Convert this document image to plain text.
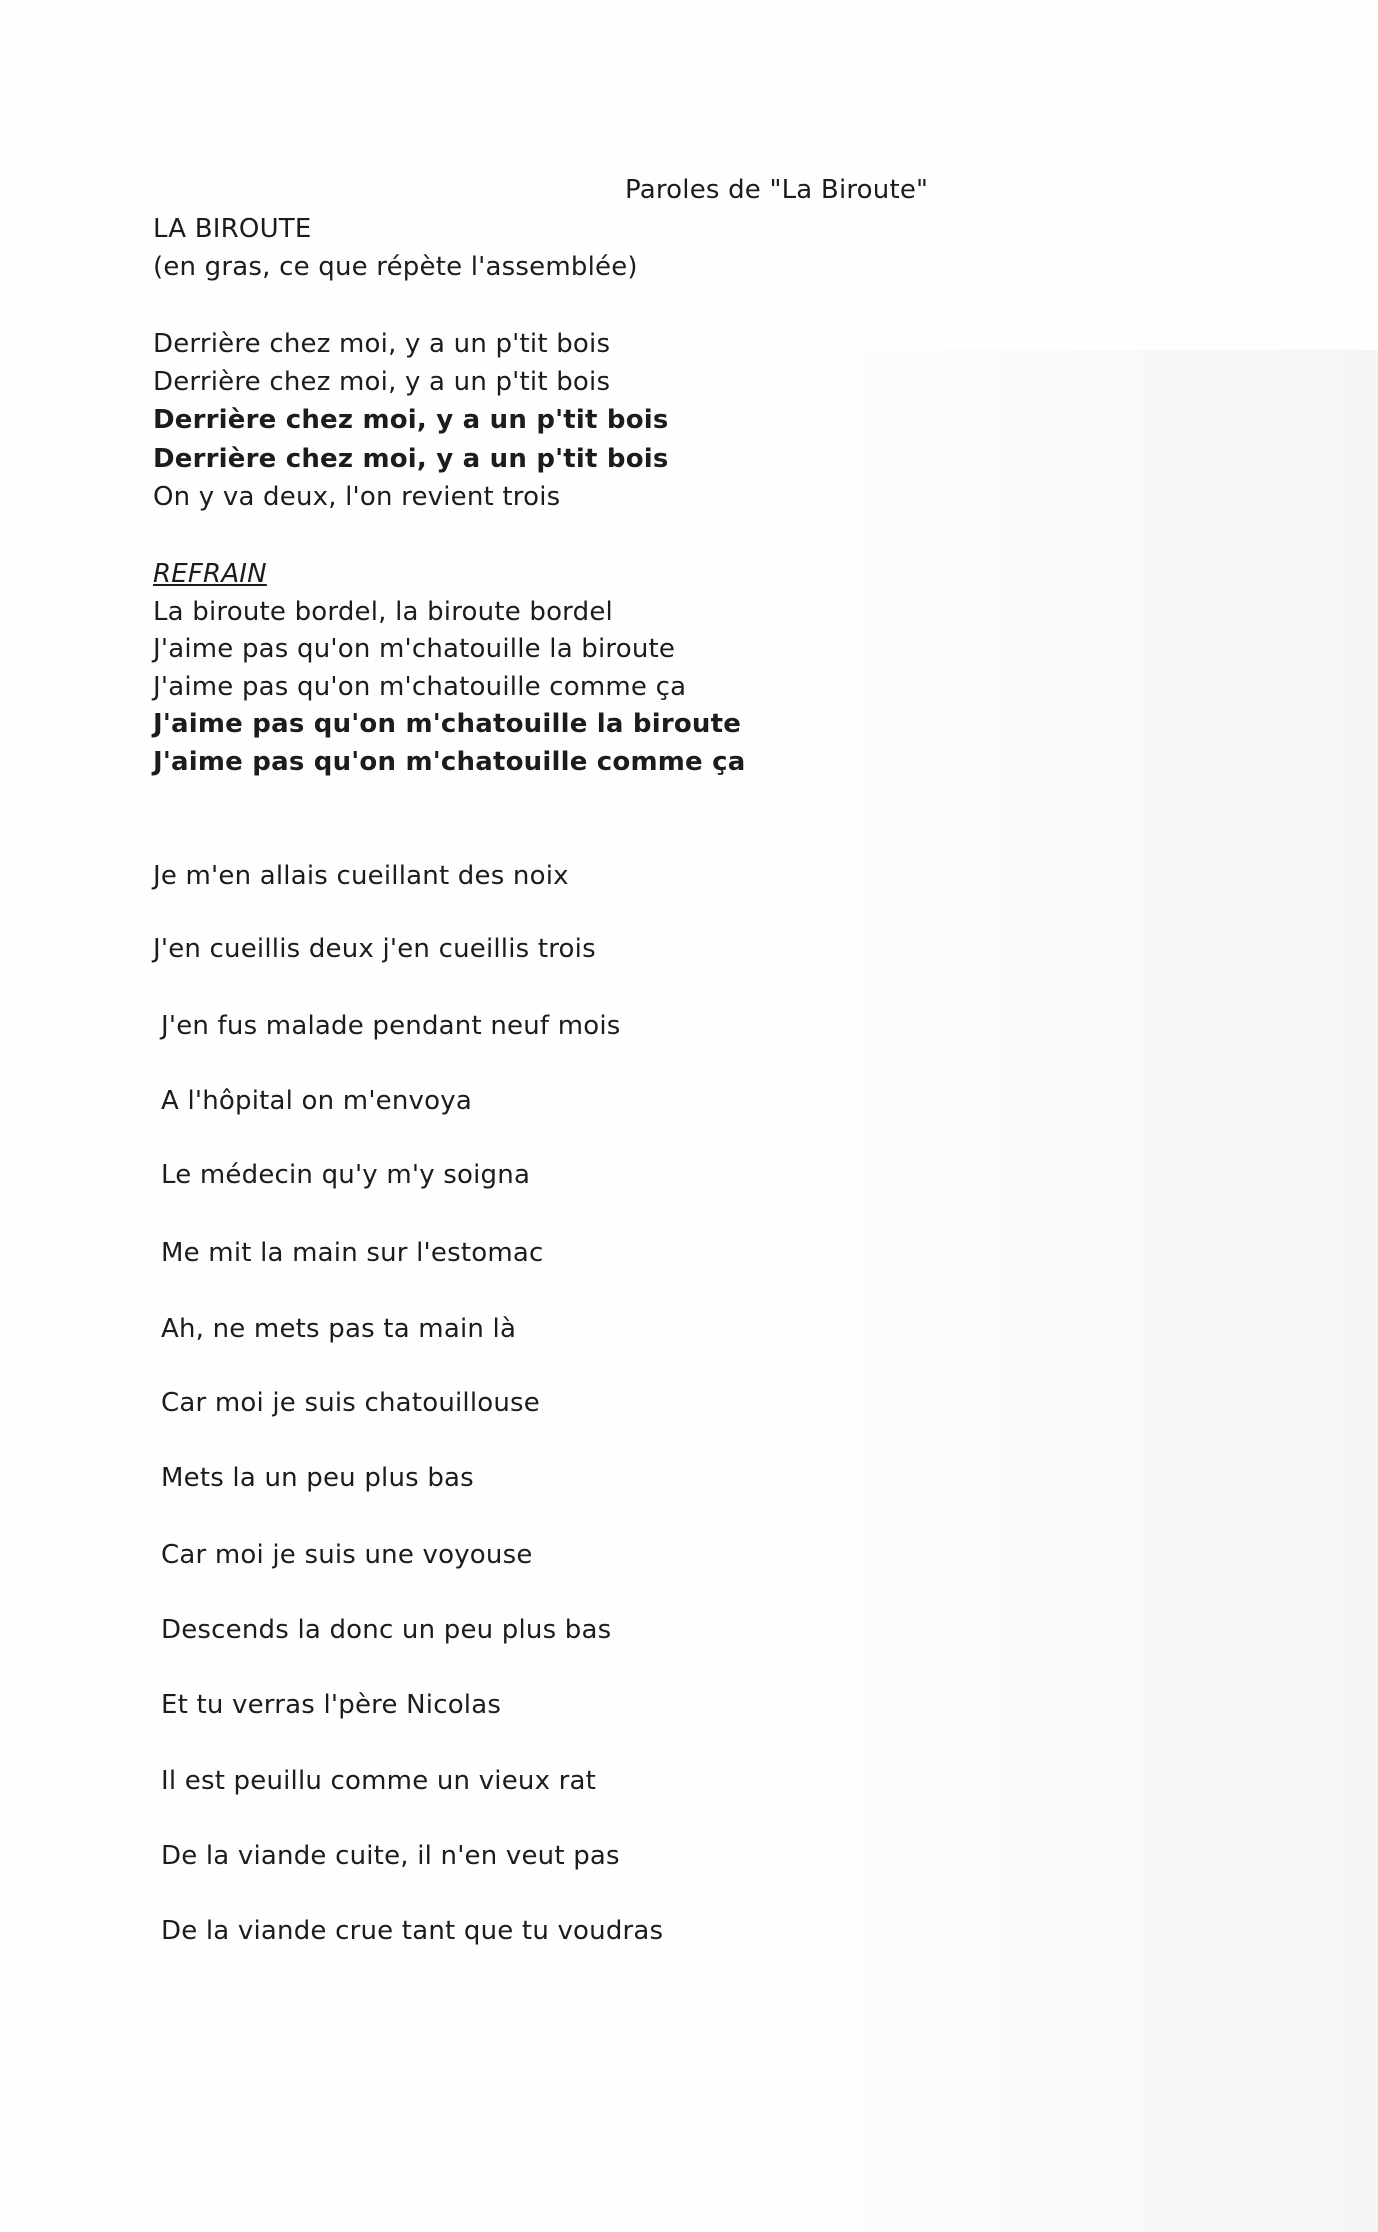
Paroles de "La Biroute"
LA BIROUTE
(en gras, ce que répète l'assemblée)
Derrière chez moi, y a un p'tit bois
Derrière chez moi, y a un p'tit bois
Derrière chez moi, y a un p'tit bois
Derrière chez moi, y a un p'tit bois
On y va deux, l'on revient trois
REFRAIN
La biroute bordel, la biroute bordel
J'aime pas qu'on m'chatouille la biroute
J'aime pas qu'on m'chatouille comme ça
J'aime pas qu'on m'chatouille la biroute
J'aime pas qu'on m'chatouille comme ça
Je m'en allais cueillant des noix
J'en cueillis deux j'en cueillis trois
J'en fus malade pendant neuf mois
A l'hôpital on m'envoya
Le médecin qu'y m'y soigna
Me mit la main sur l'estomac
Ah, ne mets pas ta main là
Car moi je suis chatouillouse
Mets la un peu plus bas
Car moi je suis une voyouse
Descends la donc un peu plus bas
Et tu verras l'père Nicolas
Il est peuillu comme un vieux rat
De la viande cuite, il n'en veut pas
De la viande crue tant que tu voudras
